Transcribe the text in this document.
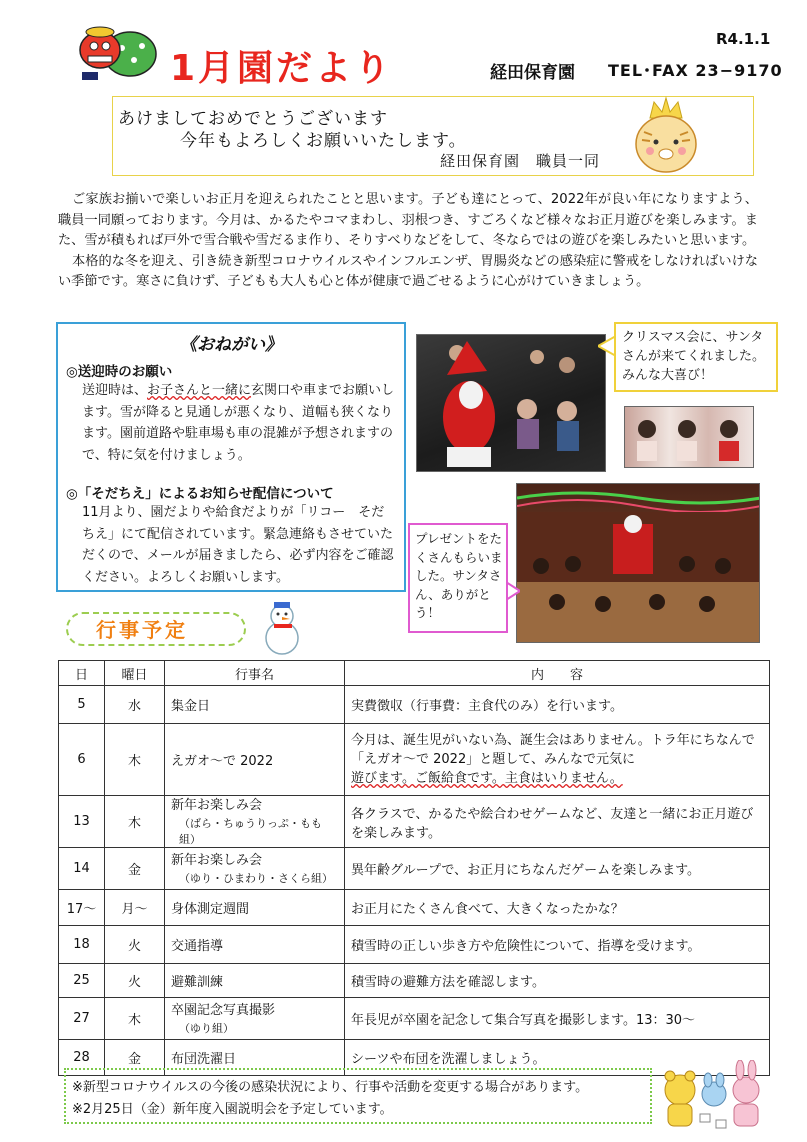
1月園だより
R4.1.1
経田保育園 TEL･FAX 23−9170
あけましておめでとうございます
今年もよろしくお願いいたします。
経田保育園　職員一同

ご家族お揃いで楽しいお正月を迎えられたことと思います。子ども達にとって、2022年が良い年になりますよう、職員一同願っております。今月は、かるたやコマまわし、羽根つき、すごろくなど様々なお正月遊びを楽しみます。また、雪が積もれば戸外で雪合戦や雪だるま作り、そりすべりなどをして、冬ならではの遊びを楽しみたいと思います。

本格的な冬を迎え、引き続き新型コロナウイルスやインフルエンザ、胃腸炎などの感染症に警戒をしなければいけない季節です。寒さに負けず、子どもも大人も心と体が健康で過ごせるように心がけていきましょう。

《おねがい》
◎送迎時のお願い
送迎時は、お子さんと一緒に玄関口や車までお願いします。雪が降ると見通しが悪くなり、道幅も狭くなります。園前道路や駐車場も車の混雑が予想されますので、特に気を付けましょう。
◎「そだちえ」によるお知らせ配信について
11月より、園だよりや給食だよりが「リコー　そだちえ」にて配信されています。緊急連絡もさせていただくので、メールが届きましたら、必ず内容をご確認ください。よろしくお願いします。
クリスマス会に、サンタさんが来てくれました。みんな大喜び！
プレゼントをたくさんもらいました。サンタさん、ありがとう！
行事予定
日	曜日	行事名	内　　容
5	水	集金日	実費徴収（行事費：主食代のみ）を行います。
6	木	えガオ～で 2022	今月は、誕生児がいない為、誕生会はありません。トラ年にちなんで「えガオ～で 2022」と題して、みんなで元気に
遊びます。ご飯給食です。主食はいりません。

13	木	新年お楽しみ会
（ばら・ちゅうりっぷ・もも組）	各クラスで、かるたや絵合わせゲームなど、友達と一緒にお正月遊びを楽しみます。
14	金	新年お楽しみ会
（ゆり・ひまわり・さくら組）	異年齢グループで、お正月にちなんだゲームを楽しみます。
17～	月～	身体測定週間	お正月にたくさん食べて、大きくなったかな？
18	火	交通指導	積雪時の正しい歩き方や危険性について、指導を受けます。
25	火	避難訓練	積雪時の避難方法を確認します。
27	木	卒園記念写真撮影
（ゆり組）	年長児が卒園を記念して集合写真を撮影します。13：30～
28	金	布団洗濯日	シーツや布団を洗濯しましょう。
※新型コロナウイルスの今後の感染状況により、行事や活動を変更する場合があります。
※2月25日（金）新年度入園説明会を予定しています。
